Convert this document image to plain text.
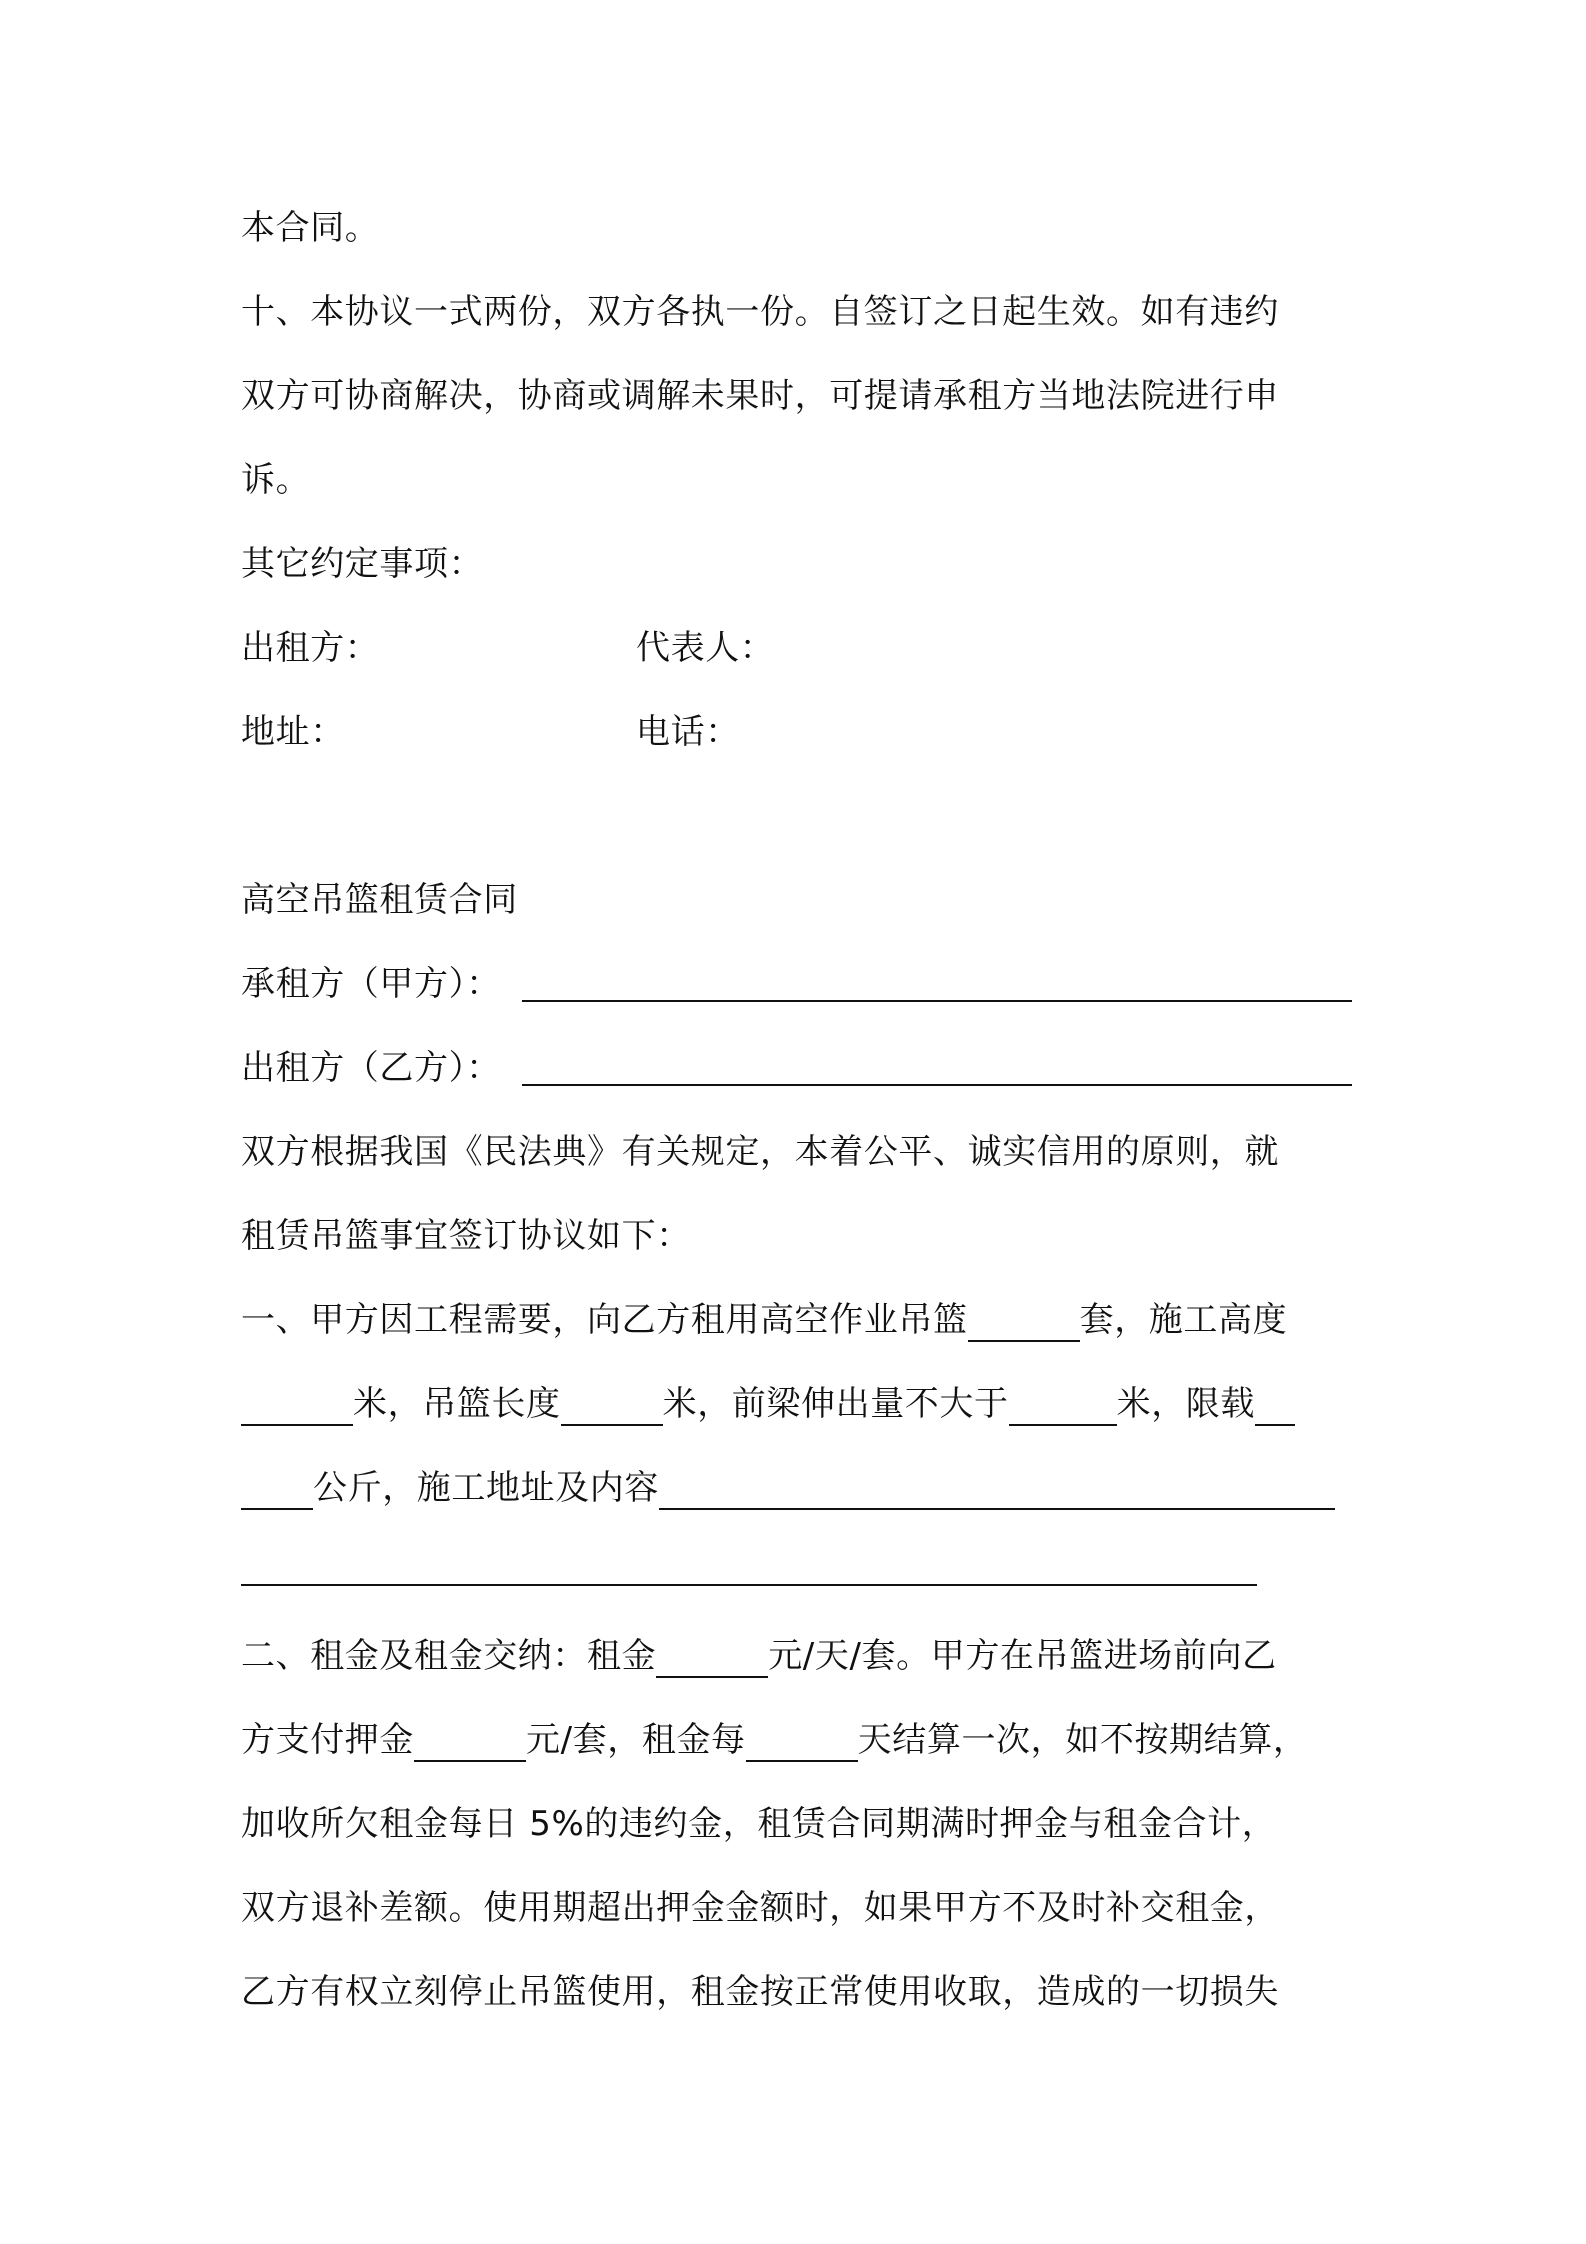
本合同。
十、本协议一式两份，双方各执一份。自签订之日起生效。如有违约
双方可协商解决，协商或调解未果时，可提请承租方当地法院进行申
诉。
其它约定事项：
出租方：	代表人：
地址：	电话：
高空吊篮租赁合同
承租方（甲方）：
出租方（乙方）：
双方根据我国《民法典》有关规定，本着公平、诚实信用的原则，就
租赁吊篮事宜签订协议如下：
一、甲方因工程需要，向乙方租用高空作业吊篮	套，施工高度
米，吊篮长度	米，前梁伸出量不大于	米，限载
公斤，施工地址及内容
二、租金及租金交纳：租金	元/天/套。甲方在吊篮进场前向乙
方支付押金	元/套，租金每	天结算一次，如不按期结算，
加收所欠租金每日 5%的违约金，租赁合同期满时押金与租金合计，
双方退补差额。使用期超出押金金额时，如果甲方不及时补交租金，
乙方有权立刻停止吊篮使用，租金按正常使用收取，造成的一切损失
